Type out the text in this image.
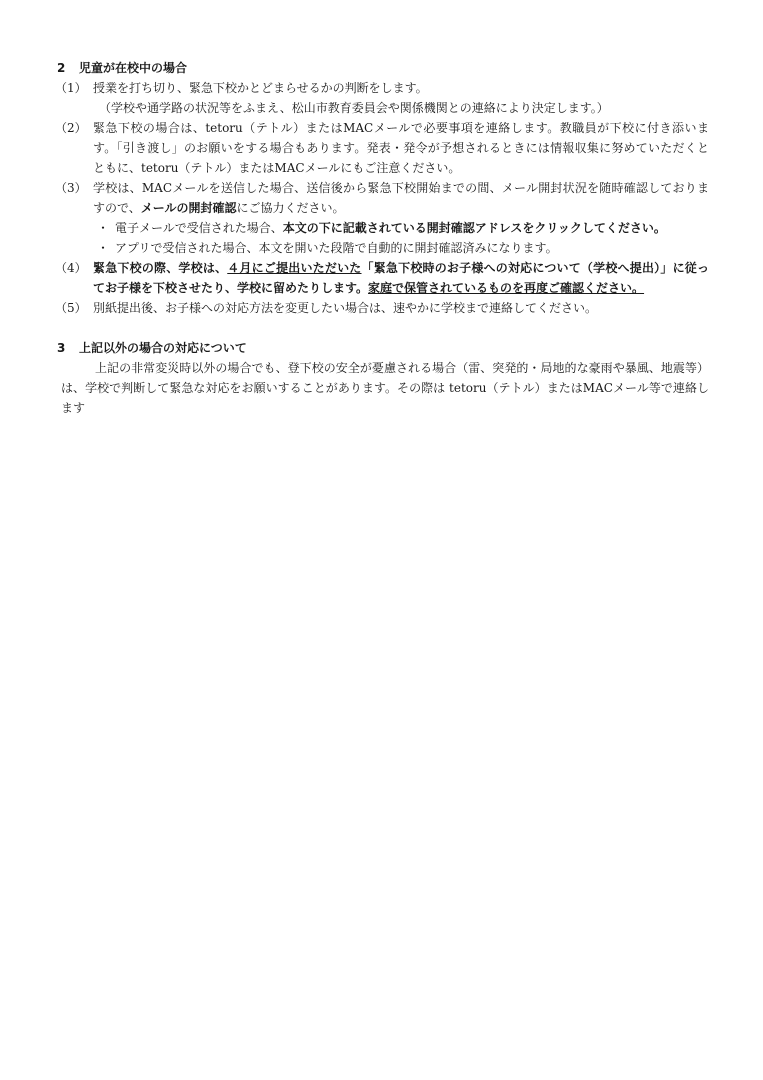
2 児童が在校中の場合
（1） 授業を打ち切り、緊急下校かとどまらせるかの判断をします。
（学校や通学路の状況等をふまえ、松山市教育委員会や関係機関との連絡により決定します。）
（2） 緊急下校の場合は、tetoru（テトル）またはMACメールで必要事項を連絡します。教職員が下校に付き添います。「引き渡し」のお願いをする場合もあります。発表・発令が予想されるときには情報収集に努めていただくとともに、tetoru（テトル）またはMACメールにもご注意ください。
（3） 学校は、MACメールを送信した場合、送信後から緊急下校開始までの間、メール開封状況を随時確認しておりますので、メールの開封確認にご協力ください。
・ 電子メールで受信された場合、本文の下に記載されている開封確認アドレスをクリックしてください。
・ アプリで受信された場合、本文を開いた段階で自動的に開封確認済みになります。
（4） 緊急下校の際、学校は、４月にご提出いただいた「緊急下校時のお子様への対応について（学校へ提出）」に従ってお子様を下校させたり、学校に留めたりします。家庭で保管されているものを再度ご確認ください。
（5） 別紙提出後、お子様への対応方法を変更したい場合は、速やかに学校まで連絡してください。
3 上記以外の場合の対応について
上記の非常変災時以外の場合でも、登下校の安全が憂慮される場合（雷、突発的・局地的な豪雨や暴風、地震等）は、学校で判断して緊急な対応をお願いすることがあります。その際は tetoru（テトル）またはMACメール等で連絡します
